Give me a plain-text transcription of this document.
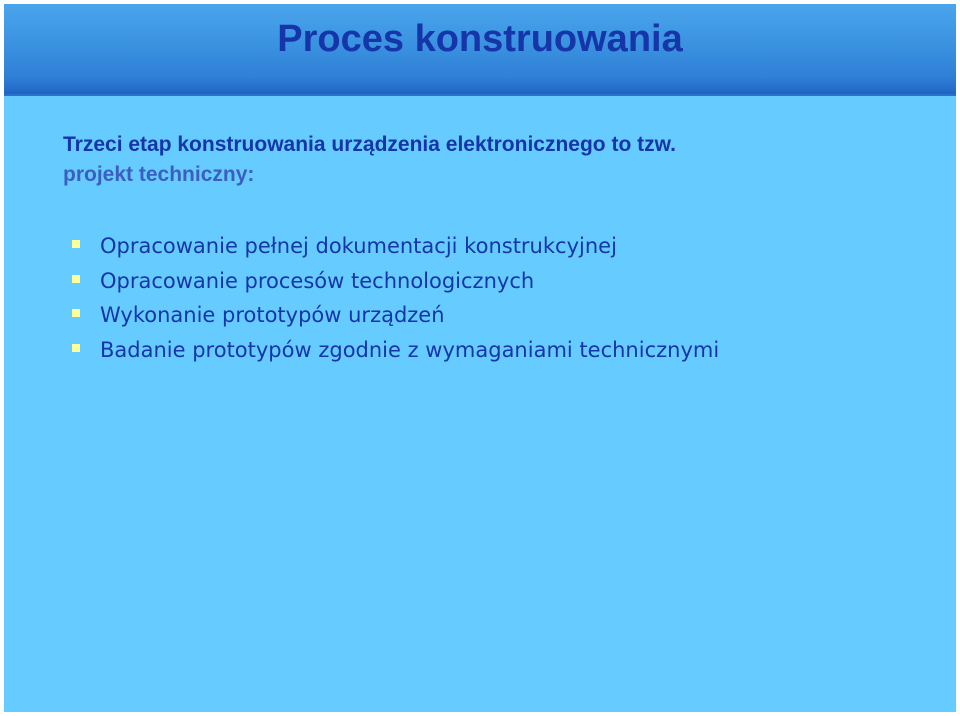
Proces konstruowania
Trzeci etap konstruowania urządzenia elektronicznego to tzw.
projekt techniczny:
Opracowanie pełnej dokumentacji konstrukcyjnej
Opracowanie procesów technologicznych
Wykonanie prototypów urządzeń
Badanie prototypów zgodnie z wymaganiami technicznymi
